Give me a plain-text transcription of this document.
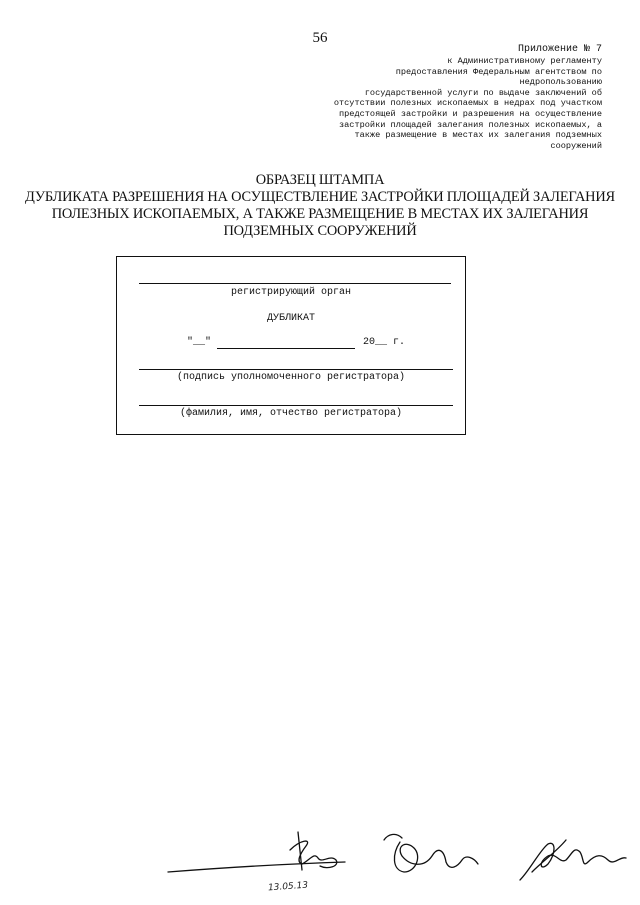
56
Приложение № 7
к Административному регламенту
предоставления Федеральным агентством по
недропользованию
государственной услуги по выдаче заключений об
отсутствии полезных ископаемых в недрах под участком
предстоящей застройки и разрешения на осуществление
застройки площадей залегания полезных ископаемых, а
также размещение в местах их залегания подземных
сооружений
ОБРАЗЕЦ ШТАМПА
ДУБЛИКАТА РАЗРЕШЕНИЯ НА ОСУЩЕСТВЛЕНИЕ ЗАСТРОЙКИ ПЛОЩАДЕЙ ЗАЛЕГАНИЯ
ПОЛЕЗНЫХ ИСКОПАЕМЫХ, А ТАКЖЕ РАЗМЕЩЕНИЕ В МЕСТАХ ИХ ЗАЛЕГАНИЯ
ПОДЗЕМНЫХ СООРУЖЕНИЙ
регистрирующий орган
ДУБЛИКАТ
"__"	20__ г.
(подпись уполномоченного регистратора)
(фамилия, имя, отчество регистратора)
13.05.13
